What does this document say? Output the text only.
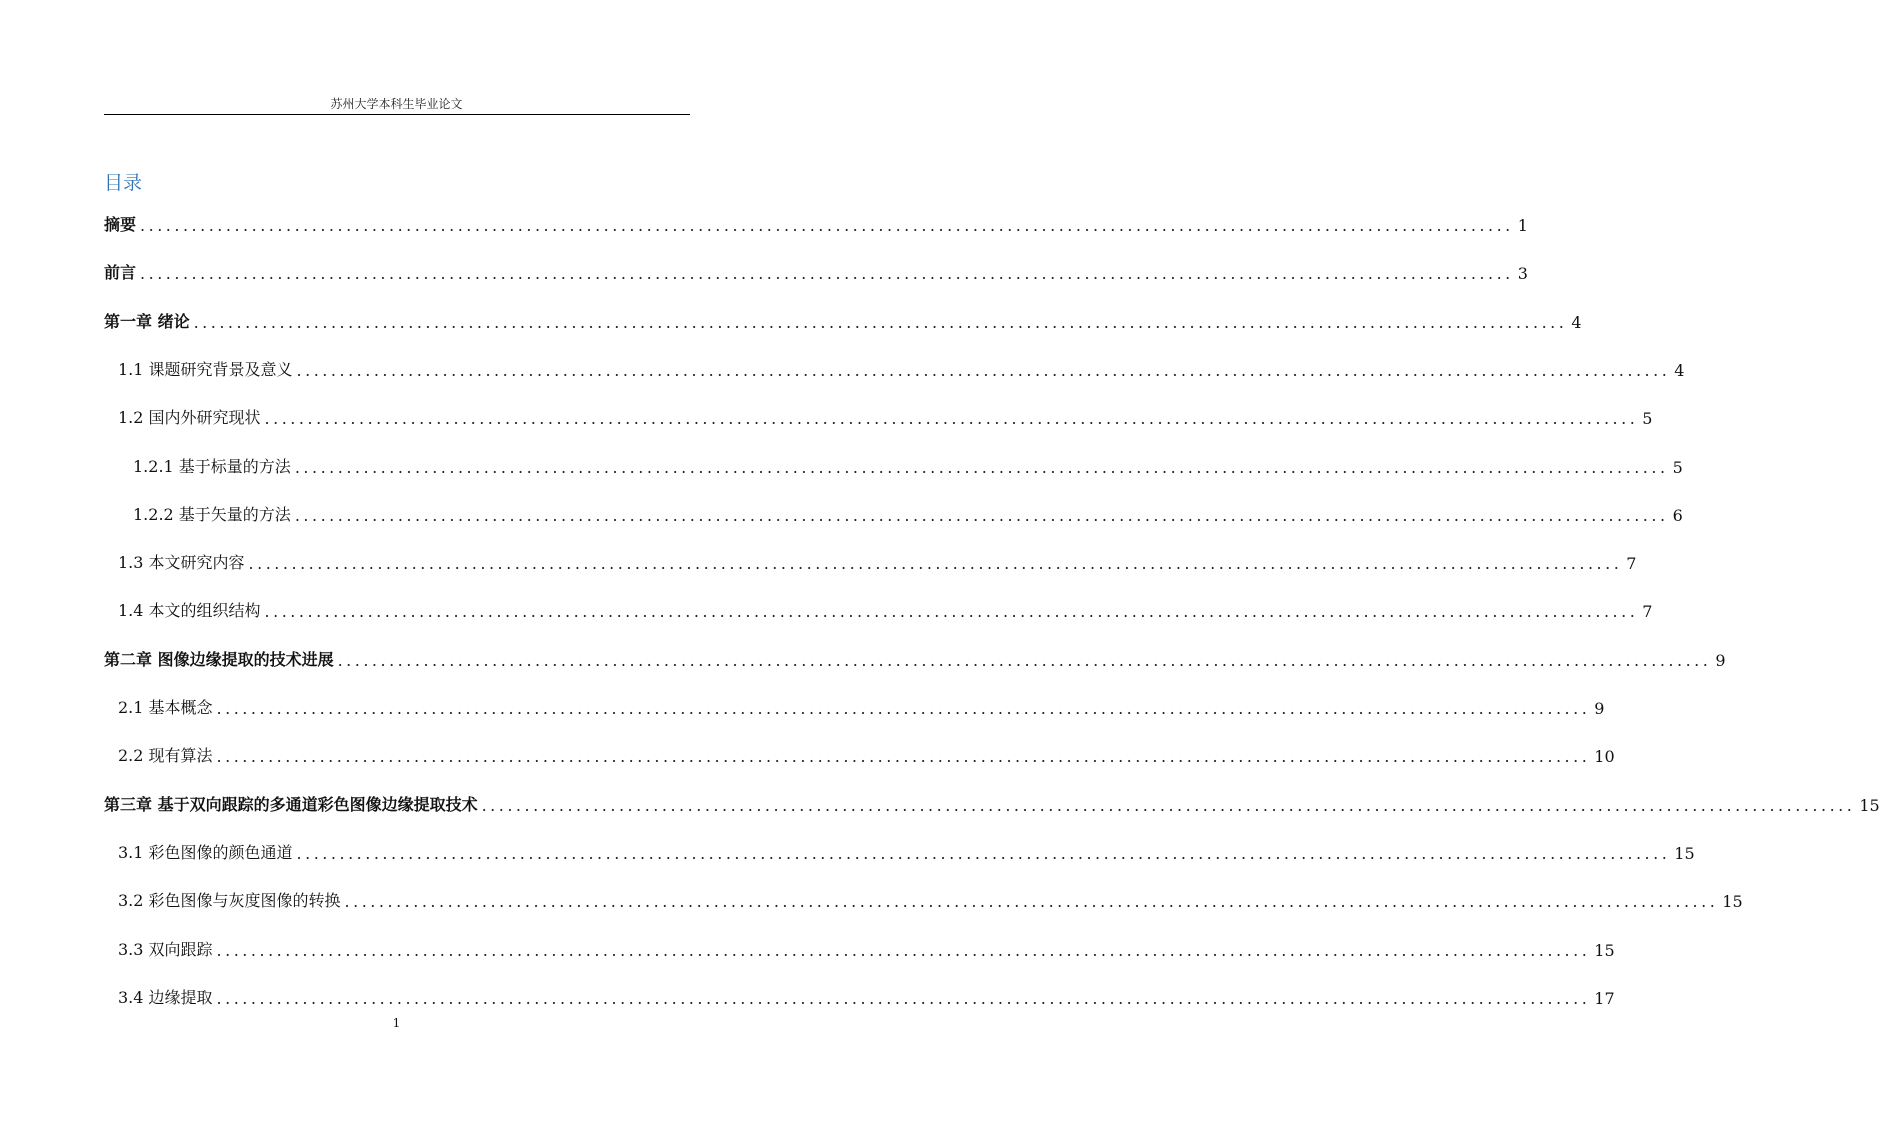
苏州大学本科生毕业论文
目录
摘要 ................................................................................................................................................................ 1
前言 ................................................................................................................................................................ 3
第一章 绪论 ................................................................................................................................................................ 4
1.1 课题研究背景及意义 ................................................................................................................................................................ 4
1.2 国内外研究现状 ................................................................................................................................................................ 5
1.2.1 基于标量的方法 ................................................................................................................................................................ 5
1.2.2 基于矢量的方法 ................................................................................................................................................................ 6
1.3 本文研究内容 ................................................................................................................................................................ 7
1.4 本文的组织结构 ................................................................................................................................................................ 7
第二章 图像边缘提取的技术进展 ................................................................................................................................................................ 9
2.1 基本概念 ................................................................................................................................................................ 9
2.2 现有算法 ................................................................................................................................................................ 10
第三章 基于双向跟踪的多通道彩色图像边缘提取技术 ................................................................................................................................................................ 15
3.1 彩色图像的颜色通道 ................................................................................................................................................................ 15
3.2 彩色图像与灰度图像的转换 ................................................................................................................................................................ 15
3.3 双向跟踪 ................................................................................................................................................................ 15
3.4 边缘提取 ................................................................................................................................................................ 17
1
